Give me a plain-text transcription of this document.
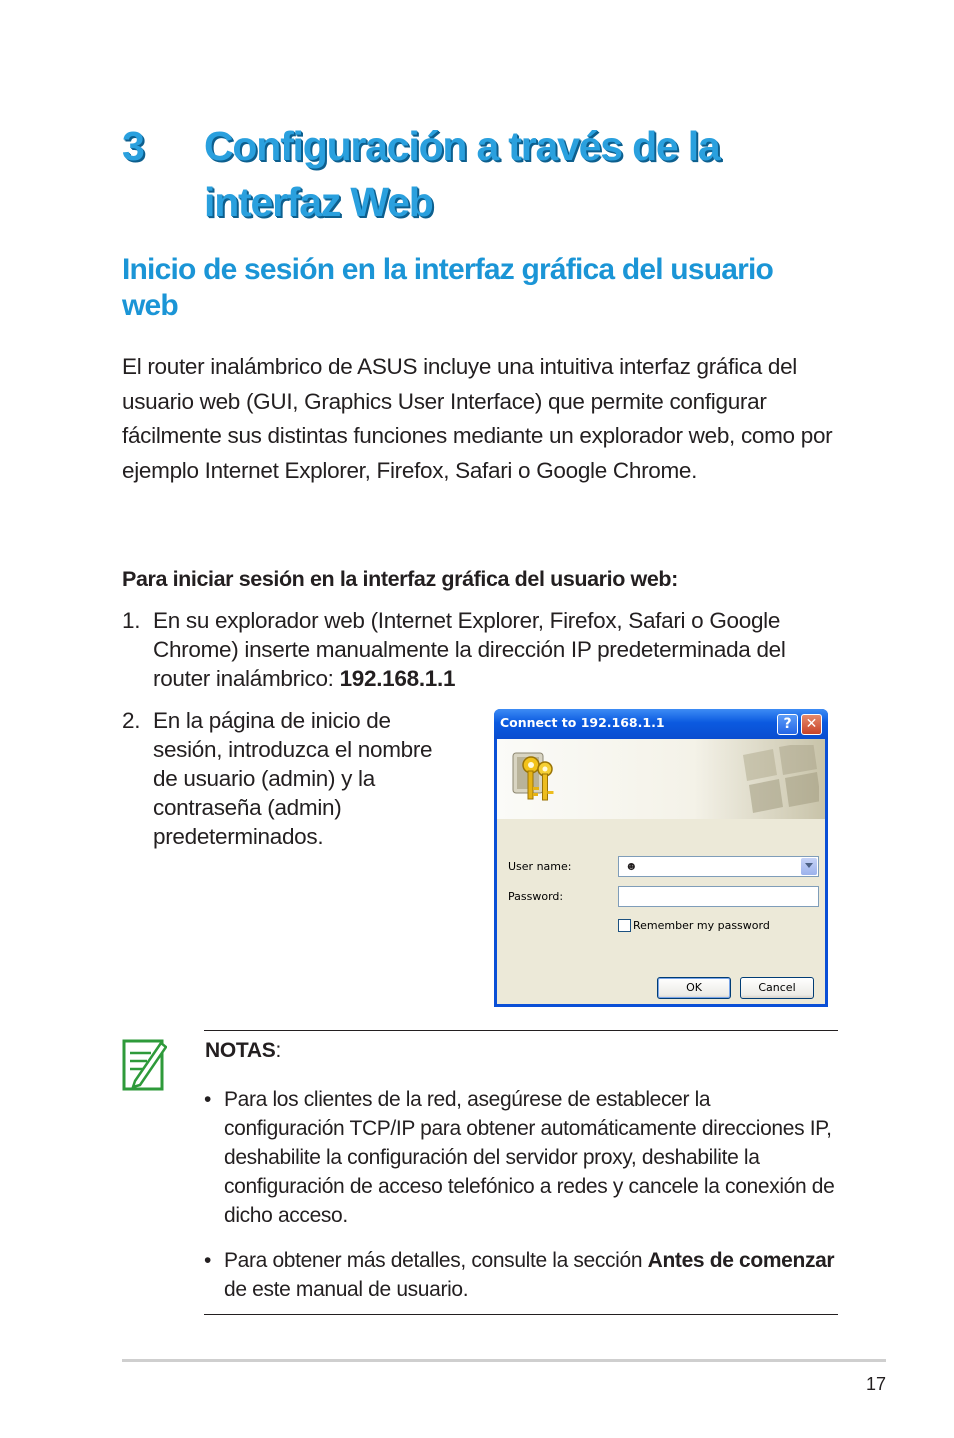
3 Configuración a través de la interfaz Web
Inicio de sesión en la interfaz gráfica del usuario web
El router inalámbrico de ASUS incluye una intuitiva interfaz gráfica del usuario web (GUI, Graphics User Interface) que permite configurar fácilmente sus distintas funciones mediante un explorador web, como por ejemplo Internet Explorer, Firefox, Safari o Google Chrome.
Para iniciar sesión en la interfaz gráfica del usuario web:
1. En su explorador web (Internet Explorer, Firefox, Safari o Google Chrome) inserte manualmente la dirección IP predeterminada del router inalámbrico: 192.168.1.1
2. En la página de inicio de sesión, introduzca el nombre de usuario (admin) y la contraseña (admin) predeterminados.
Connect to 192.168.1.1	?	✕
User name:	☻
Password:
Remember my password
OK	Cancel
NOTAS:
• Para los clientes de la red, asegúrese de establecer la configuración TCP/IP para obtener automáticamente direcciones IP, deshabilite la configuración del servidor proxy, deshabilite la configuración de acceso telefónico a redes y cancele la conexión de dicho acceso.
• Para obtener más detalles, consulte la sección Antes de comenzar de este manual de usuario.
17
